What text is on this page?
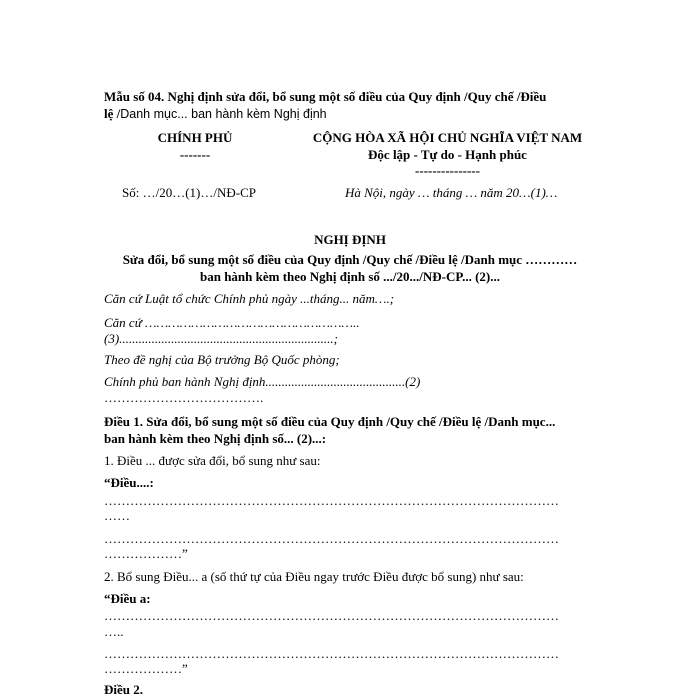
Mẫu số 04. Nghị định sửa đổi, bổ sung một số điều của Quy định /Quy chế /Điều
lệ /Danh mục... ban hành kèm Nghị định
CHÍNH PHỦ
-------
CỘNG HÒA XÃ HỘI CHỦ NGHĨA VIỆT NAM
Độc lập - Tự do - Hạnh phúc
---------------
Số: …/20…(1)…/NĐ-CP	Hà Nội, ngày … tháng … năm 20…(1)…
NGHỊ ĐỊNH
Sửa đổi, bổ sung một số điều của Quy định /Quy chế /Điều lệ /Danh mục …………
ban hành kèm theo Nghị định số .../20.../NĐ-CP... (2)...
Căn cứ Luật tổ chức Chính phủ ngày ...tháng... năm….;
Căn cứ ………………………………………………..
(3)..................................................................;
Theo đề nghị của Bộ trưởng Bộ Quốc phòng;
Chính phủ ban hành Nghị định...........................................(2)
……………………………….
Điều 1. Sửa đổi, bổ sung một số điều của Quy định /Quy chế /Điều lệ /Danh mục...
ban hành kèm theo Nghị định số... (2)...:
1. Điều ... được sửa đổi, bổ sung như sau:
“Điều....:
……………………………………………………………………………………………
……
……………………………………………………………………………………………
………………”
2. Bổ sung Điều... a (số thứ tự của Điều ngay trước Điều được bổ sung) như sau:
“Điều a:
……………………………………………………………………………………………
…..
……………………………………………………………………………………………
………………”
Điều 2.
